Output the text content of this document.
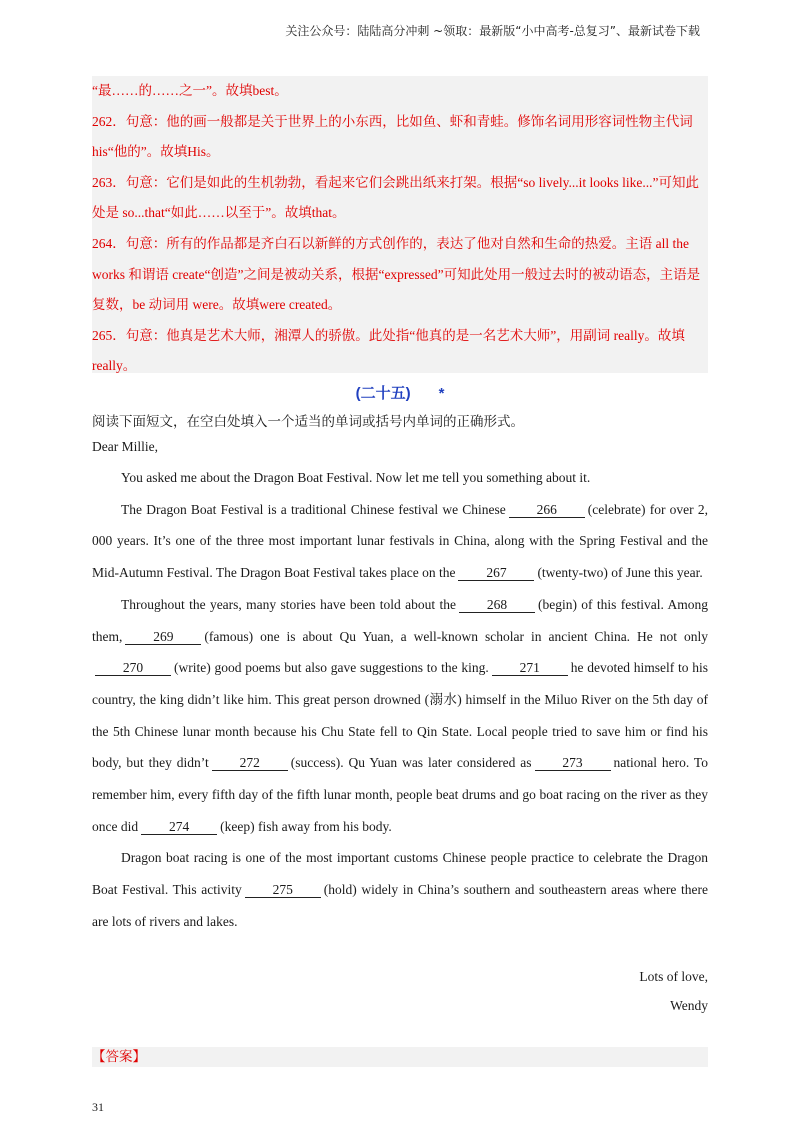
关注公众号：陆陆高分冲刺 ~领取：最新版“小中高考-总复习”、最新试卷下载

“最……的……之一”。故填best。

262．句意：他的画一般都是关于世界上的小东西，比如鱼、虾和青蛙。修饰名词用形容词性物主代词 his“他的”。故填His。

263．句意：它们是如此的生机勃勃，看起来它们会跳出纸来打架。根据“so lively...it looks like...”可知此处是 so...that“如此……以至于”。故填that。

264．句意：所有的作品都是齐白石以新鲜的方式创作的，表达了他对自然和生命的热爱。主语 all the works 和谓语 create“创造”之间是被动关系，根据“expressed”可知此处用一般过去时的被动语态，主语是复数，be 动词用 were。故填were created。

265．句意：他真是艺术大师，湘潭人的骄傲。此处指“他真的是一名艺术大师”，用副词 really。故填really。

(二十五) *
阅读下面短文，在空白处填入一个适当的单词或括号内单词的正确形式。
Dear Millie,

You asked me about the Dragon Boat Festival. Now let me tell you something about it.

The Dragon Boat Festival is a traditional Chinese festival we Chinese 266 (celebrate) for over 2, 000 years. It’s one of the three most important lunar festivals in China, along with the Spring Festival and the Mid-Autumn Festival. The Dragon Boat Festival takes place on the 267 (twenty-two) of June this year.

Throughout the years, many stories have been told about the 268 (begin) of this festival. Among them, 269 (famous) one is about Qu Yuan, a well-known scholar in ancient China. He not only270 (write) good poems but also gave suggestions to the king. 271 he devoted himself to his country, the king didn’t like him. This great person drowned (溺水) himself in the Miluo River on the 5th day of the 5th Chinese lunar month because his Chu State fell to Qin State. Local people tried to save him or find his body, but they didn’t 272 (success). Qu Yuan was later considered as 273 national hero. To remember him, every fifth day of the fifth lunar month, people beat drums and go boat racing on the river as they once did 274 (keep) fish away from his body.

Dragon boat racing is one of the most important customs Chinese people practice to celebrate the Dragon Boat Festival. This activity 275 (hold) widely in China’s southern and southeastern areas where there are lots of rivers and lakes.

Lots of love,
Wendy
【答案】
31
